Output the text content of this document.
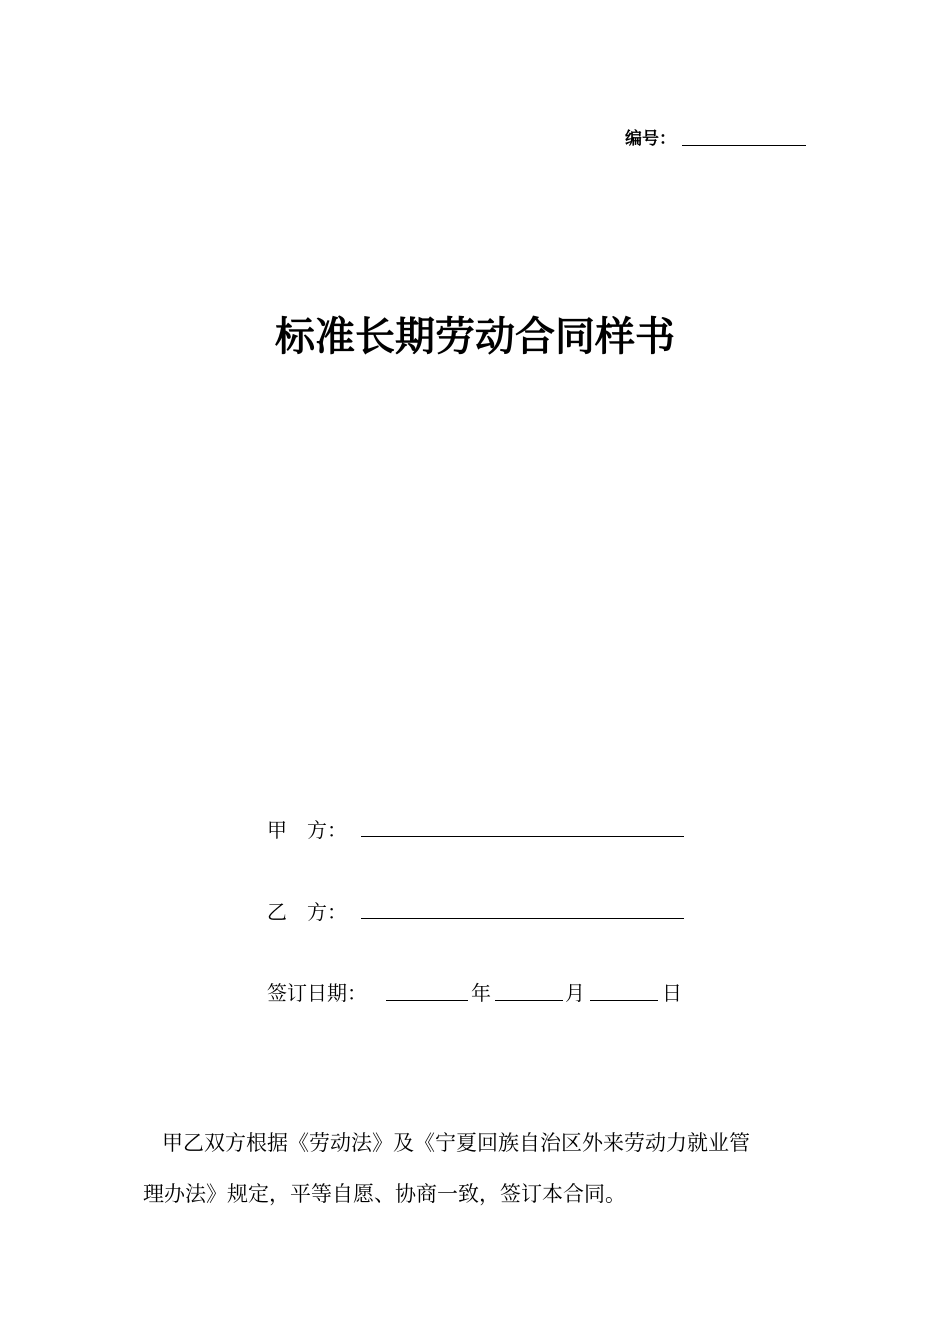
编号：
标准长期劳动合同样书
甲　方：
乙　方：
签订日期：	年	月	日
甲乙双方根据《劳动法》及《宁夏回族自治区外来劳动力就业管
理办法》规定，平等自愿、协商一致，签订本合同。
